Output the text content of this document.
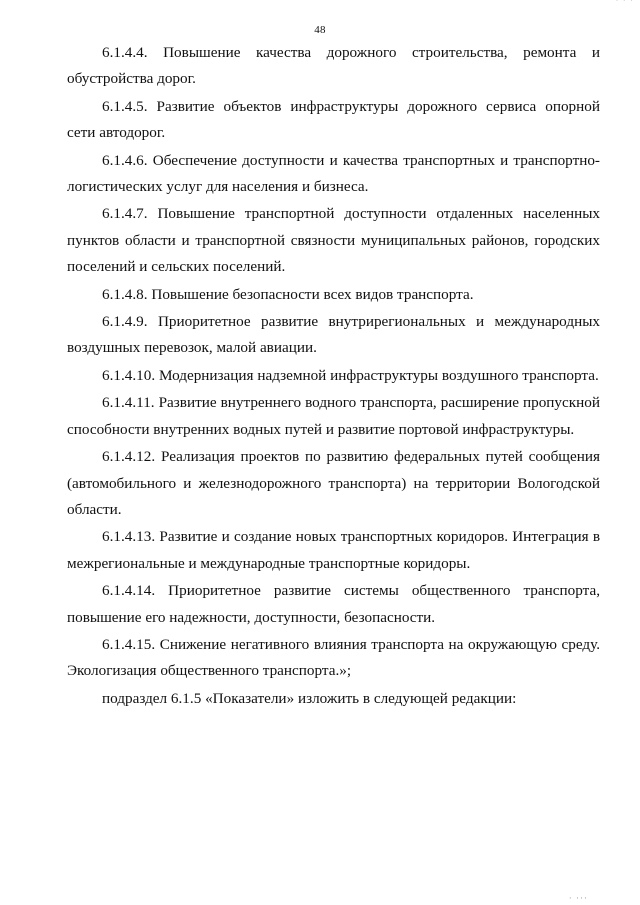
· · ·
48

6.1.4.4. Повышение качества дорожного строительства, ремонта и обустройства дорог.

6.1.4.5. Развитие объектов инфраструктуры дорожного сервиса опорной сети автодорог.

6.1.4.6. Обеспечение доступности и качества транспортных и транспортно-логистических услуг для населения и бизнеса.

6.1.4.7. Повышение транспортной доступности отдаленных населенных пунктов области и транспортной связности муниципальных районов, городских поселений и сельских поселений.

6.1.4.8. Повышение безопасности всех видов транспорта.

6.1.4.9. Приоритетное развитие внутрирегиональных и международных воздушных перевозок, малой авиации.

6.1.4.10. Модернизация надземной инфраструктуры воздушного транспорта.

6.1.4.11. Развитие внутреннего водного транспорта, расширение пропускной способности внутренних водных путей и развитие портовой инфраструктуры.

6.1.4.12. Реализация проектов по развитию федеральных путей сообщения (автомобильного и железнодорожного транспорта) на территории Вологодской области.

6.1.4.13. Развитие и создание новых транспортных коридоров. Интеграция в межрегиональные и международные транспортные коридоры.

6.1.4.14. Приоритетное развитие системы общественного транспорта, повышение его надежности, доступности, безопасности.

6.1.4.15. Снижение негативного влияния транспорта на окружающую среду. Экологизация общественного транспорта.»;

подраздел 6.1.5 «Показатели» изложить в следующей редакции:

· ···
